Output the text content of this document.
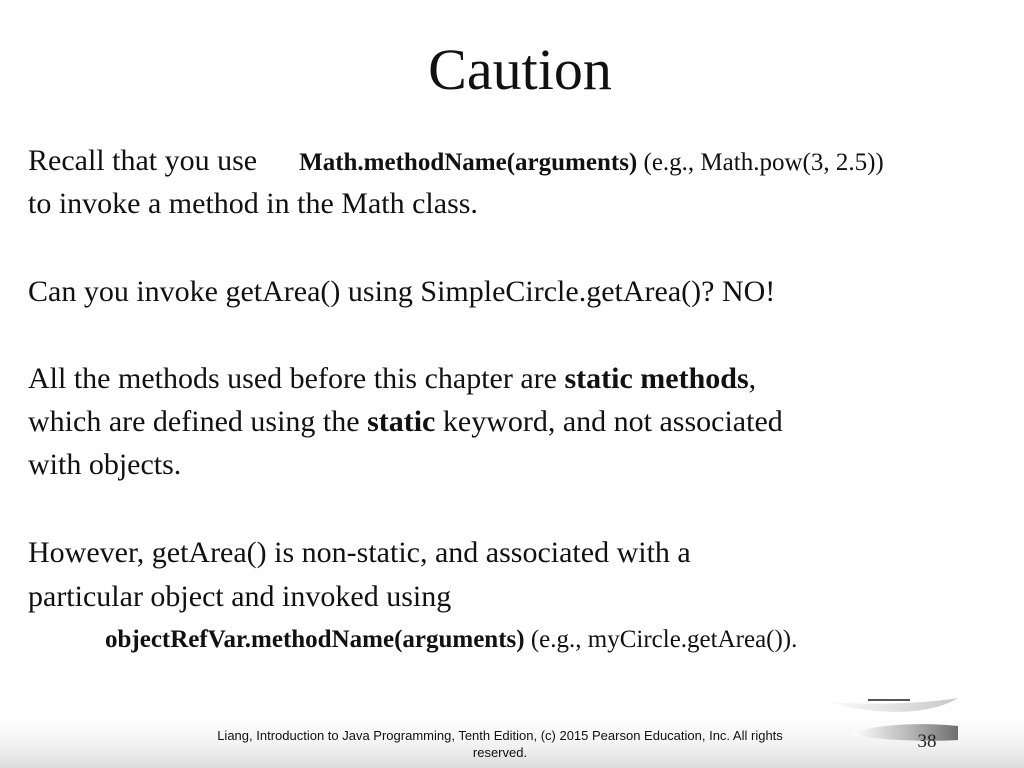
Caution
Recall that you use Math.methodName(arguments) (e.g., Math.pow(3, 2.5))
to invoke a method in the Math class.
Can you invoke getArea() using SimpleCircle.getArea()? NO!
All the methods used before this chapter are static methods,
which are defined using the static keyword, and not associated
with objects.
However, getArea() is non-static, and associated with a
particular object and invoked using
objectRefVar.methodName(arguments) (e.g., myCircle.getArea()).
Liang, Introduction to Java Programming, Tenth Edition, (c) 2015 Pearson Education, Inc. All rights reserved.
38
